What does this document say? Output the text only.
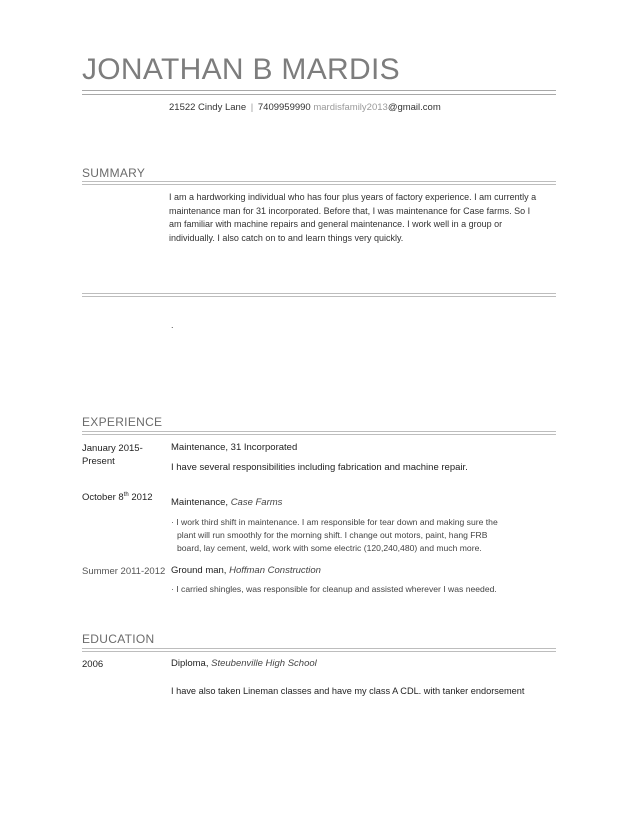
JONATHAN B MARDIS
21522 Cindy Lane | 7409959990 mardisfamily2013@gmail.com
SUMMARY
I am a hardworking individual who has four plus years of factory experience. I am currently a maintenance man for 31 incorporated. Before that, I was maintenance for Case farms. So I am familiar with machine repairs and general maintenance. I work well in a group or individually. I also catch on to and learn things very quickly.
.
EXPERIENCE
January 2015-
Present
Maintenance, 31 Incorporated
I have several responsibilities including fabrication and machine repair.
October 8th 2012 Maintenance, Case Farms
· I work third shift in maintenance. I am responsible for tear down and making sure the
plant will run smoothly for the morning shift. I change out motors, paint, hang FRB
board, lay cement, weld, work with some electric (120,240,480) and much more.
Summer 2011-2012 Ground man, Hoffman Construction
· I carried shingles, was responsible for cleanup and assisted wherever I was needed.
EDUCATION
2006	Diploma, Steubenville High School
I have also taken Lineman classes and have my class A CDL. with tanker endorsement
